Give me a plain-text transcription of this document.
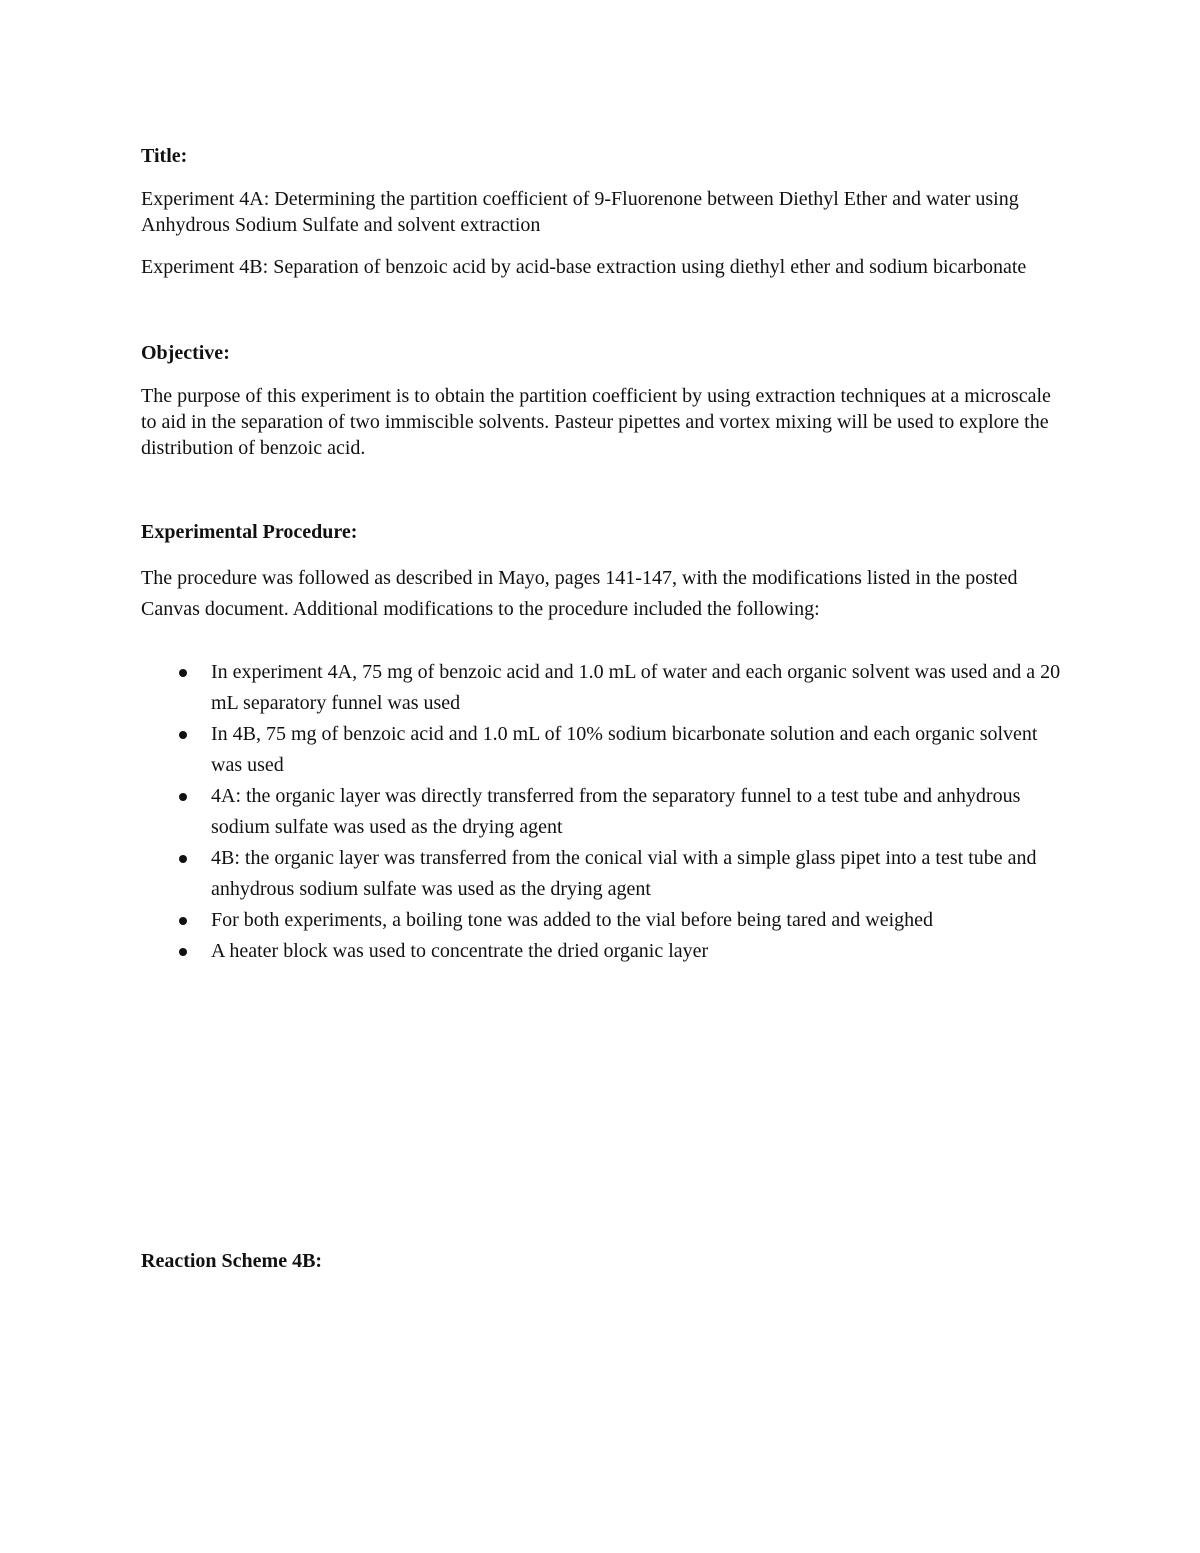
Title:

Experiment 4A: Determining the partition coefficient of 9-Fluorenone between Diethyl Ether and water using Anhydrous Sodium Sulfate and solvent extraction

Experiment 4B: Separation of benzoic acid by acid-base extraction using diethyl ether and sodium bicarbonate

Objective:

The purpose of this experiment is to obtain the partition coefficient by using extraction techniques at a microscale to aid in the separation of two immiscible solvents. Pasteur pipettes and vortex mixing will be used to explore the distribution of benzoic acid.

Experimental Procedure:

The procedure was followed as described in Mayo, pages 141-147, with the modifications listed in the posted Canvas document. Additional modifications to the procedure included the following:

In experiment 4A, 75 mg of benzoic acid and 1.0 mL of water and each organic solvent was used and a 20 mL separatory funnel was used
In 4B, 75 mg of benzoic acid and 1.0 mL of 10% sodium bicarbonate solution and each organic solvent was used
4A: the organic layer was directly transferred from the separatory funnel to a test tube and anhydrous sodium sulfate was used as the drying agent
4B: the organic layer was transferred from the conical vial with a simple glass pipet into a test tube and anhydrous sodium sulfate was used as the drying agent
For both experiments, a boiling tone was added to the vial before being tared and weighed
A heater block was used to concentrate the dried organic layer

Reaction Scheme 4B:
